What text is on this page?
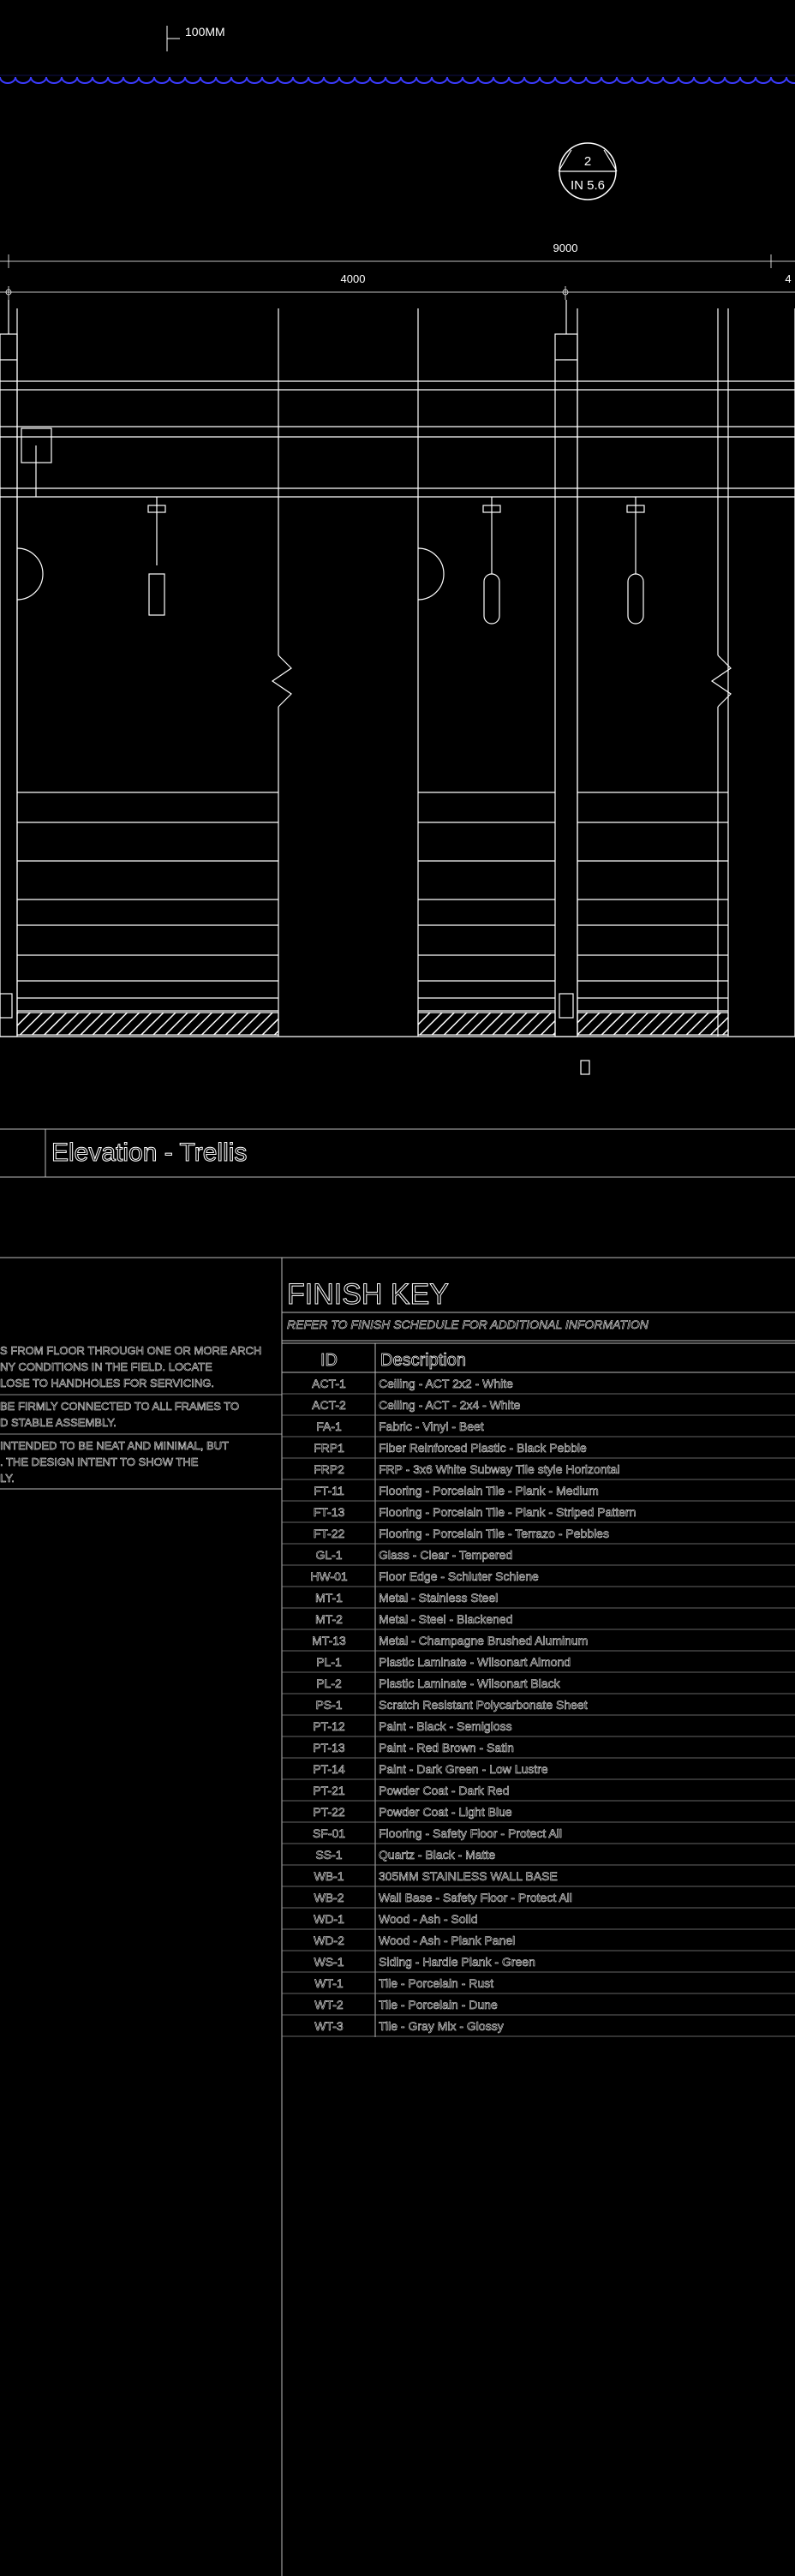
100MM
2
IN 5.6
9000
4000	4
Elevation - Trellis
S FROM FLOOR THROUGH ONE OR MORE ARCH
NY CONDITIONS IN THE FIELD. LOCATE
LOSE TO HANDHOLES FOR SERVICING.
BE FIRMLY CONNECTED TO ALL FRAMES TO
D STABLE ASSEMBLY.
INTENDED TO BE NEAT AND MINIMAL, BUT
. THE DESIGN INTENT TO SHOW THE
LY.
FINISH KEY
REFER TO FINISH SCHEDULE FOR ADDITIONAL INFORMATION
ID	Description
ACT-1	Ceiling - ACT 2x2 - White
ACT-2	Ceiling - ACT - 2x4 - White
FA-1	Fabric - Vinyl - Beet
FRP1	Fiber Reinforced Plastic - Black Pebble
FRP2	FRP - 3x6 White Subway Tile style Horizontal
FT-11	Flooring - Porcelain Tile - Plank - Medium
FT-13	Flooring - Porcelain Tile - Plank - Striped Pattern
FT-22	Flooring - Porcelain Tile - Terrazo - Pebbles
GL-1	Glass - Clear - Tempered
HW-01	Floor Edge - Schluter Schiene
MT-1	Metal - Stainless Steel
MT-2	Metal - Steel - Blackened
MT-13	Metal - Champagne Brushed Aluminum
PL-1	Plastic Laminate - Wilsonart Almond
PL-2	Plastic Laminate - Wilsonart Black
PS-1	Scratch Resistant Polycarbonate Sheet
PT-12	Paint - Black - Semigloss
PT-13	Paint - Red Brown - Satin
PT-14	Paint - Dark Green - Low Lustre
PT-21	Powder Coat - Dark Red
PT-22	Powder Coat - Light Blue
SF-01	Flooring - Safety Floor - Protect All
SS-1	Quartz - Black - Matte
WB-1	305MM STAINLESS WALL BASE
WB-2	Wall Base - Safety Floor - Protect All
WD-1	Wood - Ash - Solid
WD-2	Wood - Ash - Plank Panel
WS-1	Siding - Hardie Plank - Green
WT-1	Tile - Porcelain - Rust
WT-2	Tile - Porcelain - Dune
WT-3	Tile - Gray Mix - Glossy
